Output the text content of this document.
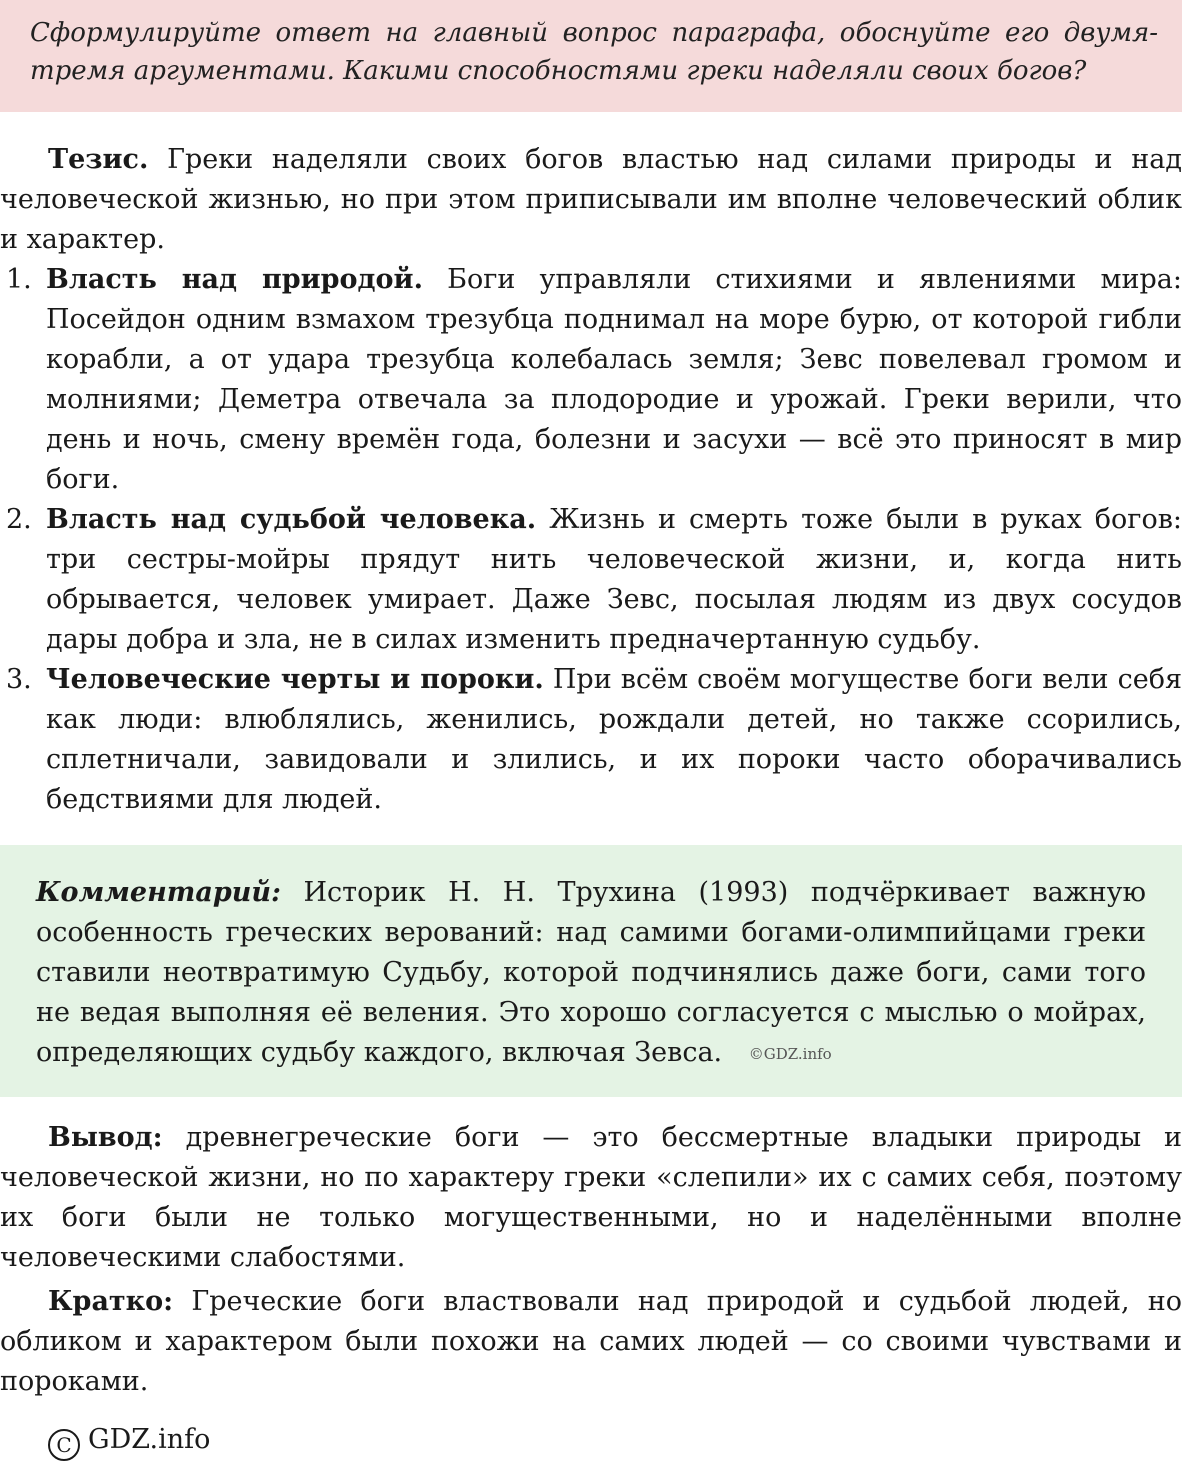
Сформулируйте ответ на главный вопрос параграфа, обоснуйте его двумя-тремя аргументами. Какими способностями греки наделяли своих богов?

Тезис. Греки наделяли своих богов властью над силами природы и над человеческой жизнью, но при этом приписывали им вполне человеческий облик и характер.

1. Власть над природой. Боги управляли стихиями и явлениями мира: Посейдон одним взмахом трезубца поднимал на море бурю, от которой гибли корабли, а от удара трезубца колебалась земля; Зевс повелевал громом и молниями; Деметра отвечала за плодородие и урожай. Греки верили, что день и ночь, смену времён года, болезни и засухи — всё это приносят в мир боги.
2. Власть над судьбой человека. Жизнь и смерть тоже были в руках богов: три сестры-мойры прядут нить человеческой жизни, и, когда нить обрывается, человек умирает. Даже Зевс, посылая людям из двух сосудов дары добра и зла, не в силах изменить предначертанную судьбу.
3. Человеческие черты и пороки. При всём своём могуществе боги вели себя как люди: влюблялись, женились, рождали детей, но также ссорились, сплетничали, завидовали и злились, и их пороки часто оборачивались бедствиями для людей.

Комментарий: Историк Н. Н. Трухина (1993) подчёркивает важную особенность греческих верований: над самими богами-олимпийцами греки ставили неотвратимую Судьбу, которой подчинялись даже боги, сами того не ведая выполняя её веления. Это хорошо согласуется с мыслью о мойрах, определяющих судьбу каждого, включая Зевса. ©GDZ.info

Вывод: древнегреческие боги — это бессмертные владыки природы и человеческой жизни, но по характеру греки «слепили» их с самих себя, поэтому их боги были не только могущественными, но и наделёнными вполне человеческими слабостями.

Кратко: Греческие боги властвовали над природой и судьбой людей, но обликом и характером были похожи на самих людей — со своими чувствами и пороками.

C GDZ.info
